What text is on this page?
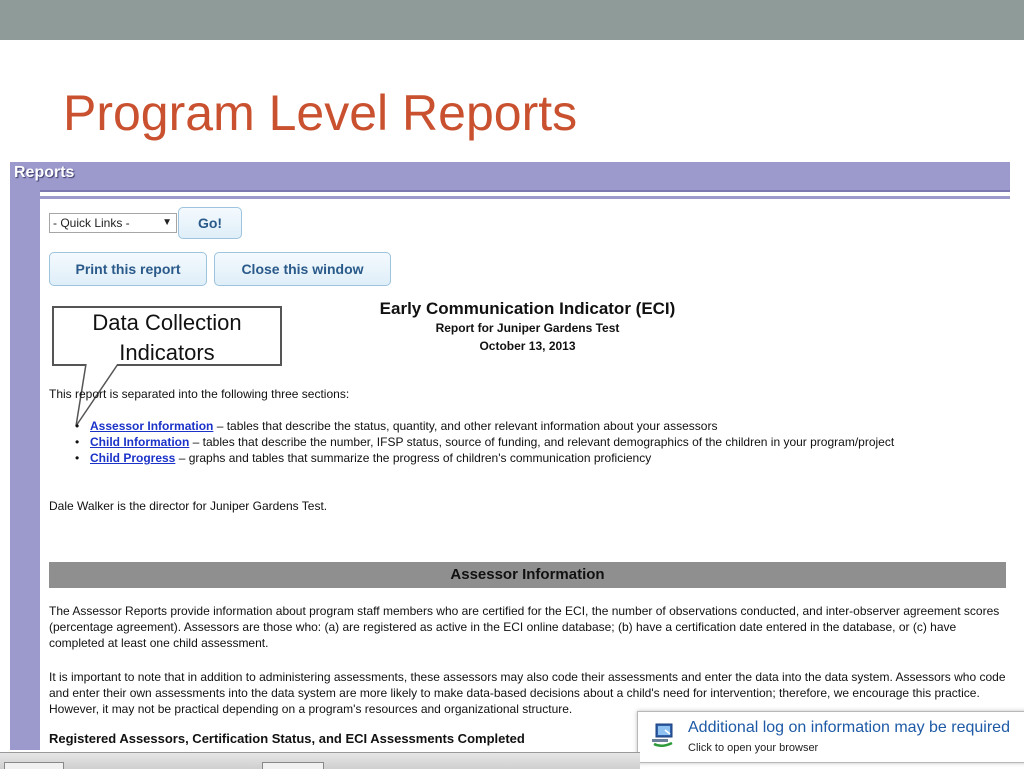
Program Level Reports
Reports
- Quick Links -	▼	Go!
Print this report	Close this window
Data Collection
Indicators
Early Communication Indicator (ECI)
Report for Juniper Gardens Test
October 13, 2013
This report is separated into the following three sections:
• Assessor Information – tables that describe the status, quantity, and other relevant information about your assessors
• Child Information – tables that describe the number, IFSP status, source of funding, and relevant demographics of the children in your program/project
• Child Progress – graphs and tables that summarize the progress of children's communication proficiency
Dale Walker is the director for Juniper Gardens Test.
Assessor Information

The Assessor Reports provide information about program staff members who are certified for the ECI, the number of observations conducted, and inter-observer agreement scores (percentage agreement). Assessors are those who: (a) are registered as active in the ECI online database; (b) have a certification date entered in the database, or (c) have completed at least one child assessment.

It is important to note that in addition to administering assessments, these assessors may also code their assessments and enter the data into the data system. Assessors who code and enter their own assessments into the data system are more likely to make data-based decisions about a child's need for intervention; therefore, we encourage this practice. However, it may not be practical depending on a program's resources and organizational structure.

Registered Assessors, Certification Status, and ECI Assessments Completed
Additional log on information may be required
Click to open your browser
